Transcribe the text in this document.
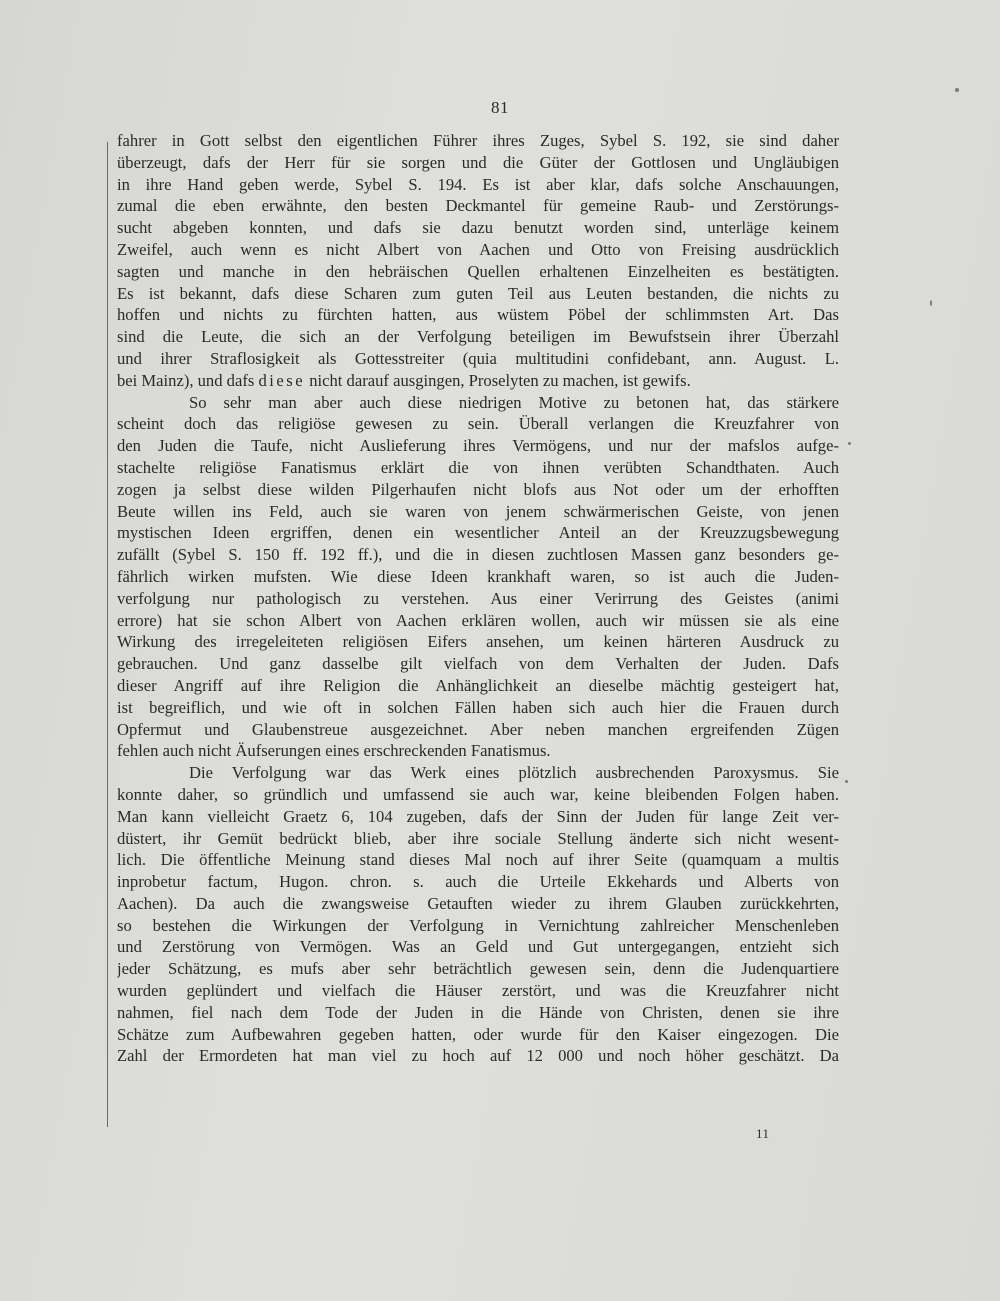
81
fahrer in Gott selbst den eigentlichen Führer ihres Zuges, Sybel S. 192, sie sind daher
überzeugt, dafs der Herr für sie sorgen und die Güter der Gottlosen und Ungläubigen
in ihre Hand geben werde, Sybel S. 194. Es ist aber klar, dafs solche Anschauungen,
zumal die eben erwähnte, den besten Deckmantel für gemeine Raub- und Zerstörungs-
sucht abgeben konnten, und dafs sie dazu benutzt worden sind, unterläge keinem
Zweifel, auch wenn es nicht Albert von Aachen und Otto von Freising ausdrücklich
sagten und manche in den hebräischen Quellen erhaltenen Einzelheiten es bestätigten.
Es ist bekannt, dafs diese Scharen zum guten Teil aus Leuten bestanden, die nichts zu
hoffen und nichts zu fürchten hatten, aus wüstem Pöbel der schlimmsten Art. Das
sind die Leute, die sich an der Verfolgung beteiligen im Bewufstsein ihrer Überzahl
und ihrer Straflosigkeit als Gottesstreiter (quia multitudini confidebant, ann. August. L.
bei Mainz), und dafs diese nicht darauf ausgingen, Proselyten zu machen, ist gewifs.
So sehr man aber auch diese niedrigen Motive zu betonen hat, das stärkere
scheint doch das religiöse gewesen zu sein. Überall verlangen die Kreuzfahrer von
den Juden die Taufe, nicht Auslieferung ihres Vermögens, und nur der mafslos aufge-
stachelte religiöse Fanatismus erklärt die von ihnen verübten Schandthaten. Auch
zogen ja selbst diese wilden Pilgerhaufen nicht blofs aus Not oder um der erhofften
Beute willen ins Feld, auch sie waren von jenem schwärmerischen Geiste, von jenen
mystischen Ideen ergriffen, denen ein wesentlicher Anteil an der Kreuzzugsbewegung
zufällt (Sybel S. 150 ff. 192 ff.), und die in diesen zuchtlosen Massen ganz besonders ge-
fährlich wirken mufsten. Wie diese Ideen krankhaft waren, so ist auch die Juden-
verfolgung nur pathologisch zu verstehen. Aus einer Verirrung des Geistes (animi
errore) hat sie schon Albert von Aachen erklären wollen, auch wir müssen sie als eine
Wirkung des irregeleiteten religiösen Eifers ansehen, um keinen härteren Ausdruck zu
gebrauchen. Und ganz dasselbe gilt vielfach von dem Verhalten der Juden. Dafs
dieser Angriff auf ihre Religion die Anhänglichkeit an dieselbe mächtig gesteigert hat,
ist begreiflich, und wie oft in solchen Fällen haben sich auch hier die Frauen durch
Opfermut und Glaubenstreue ausgezeichnet. Aber neben manchen ergreifenden Zügen
fehlen auch nicht Äufserungen eines erschreckenden Fanatismus.
Die Verfolgung war das Werk eines plötzlich ausbrechenden Paroxysmus. Sie
konnte daher, so gründlich und umfassend sie auch war, keine bleibenden Folgen haben.
Man kann vielleicht Graetz 6, 104 zugeben, dafs der Sinn der Juden für lange Zeit ver-
düstert, ihr Gemüt bedrückt blieb, aber ihre sociale Stellung änderte sich nicht wesent-
lich. Die öffentliche Meinung stand dieses Mal noch auf ihrer Seite (quamquam a multis
inprobetur factum, Hugon. chron. s. auch die Urteile Ekkehards und Alberts von
Aachen). Da auch die zwangsweise Getauften wieder zu ihrem Glauben zurückkehrten,
so bestehen die Wirkungen der Verfolgung in Vernichtung zahlreicher Menschenleben
und Zerstörung von Vermögen. Was an Geld und Gut untergegangen, entzieht sich
jeder Schätzung, es mufs aber sehr beträchtlich gewesen sein, denn die Judenquartiere
wurden geplündert und vielfach die Häuser zerstört, und was die Kreuzfahrer nicht
nahmen, fiel nach dem Tode der Juden in die Hände von Christen, denen sie ihre
Schätze zum Aufbewahren gegeben hatten, oder wurde für den Kaiser eingezogen. Die
Zahl der Ermordeten hat man viel zu hoch auf 12 000 und noch höher geschätzt. Da
11
